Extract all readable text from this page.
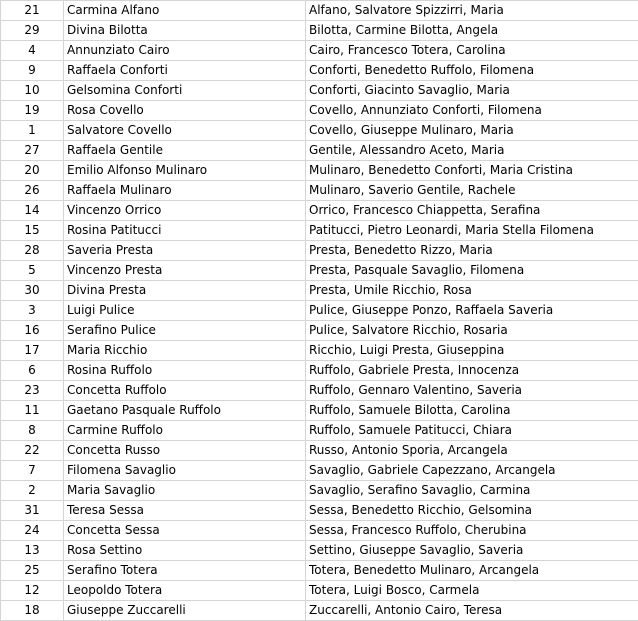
21	Carmina Alfano	Alfano, Salvatore Spizzirri, Maria
29	Divina Bilotta	Bilotta, Carmine Bilotta, Angela
4	Annunziato Cairo	Cairo, Francesco Totera, Carolina
9	Raffaela Conforti	Conforti, Benedetto Ruffolo, Filomena
10	Gelsomina Conforti	Conforti, Giacinto Savaglio, Maria
19	Rosa Covello	Covello, Annunziato Conforti, Filomena
1	Salvatore Covello	Covello, Giuseppe Mulinaro, Maria
27	Raffaela Gentile	Gentile, Alessandro Aceto, Maria
20	Emilio Alfonso Mulinaro	Mulinaro, Benedetto Conforti, Maria Cristina
26	Raffaela Mulinaro	Mulinaro, Saverio Gentile, Rachele
14	Vincenzo Orrico	Orrico, Francesco Chiappetta, Serafina
15	Rosina Patitucci	Patitucci, Pietro Leonardi, Maria Stella Filomena
28	Saveria Presta	Presta, Benedetto Rizzo, Maria
5	Vincenzo Presta	Presta, Pasquale Savaglio, Filomena
30	Divina Presta	Presta, Umile Ricchio, Rosa
3	Luigi Pulice	Pulice, Giuseppe Ponzo, Raffaela Saveria
16	Serafino Pulice	Pulice, Salvatore Ricchio, Rosaria
17	Maria Ricchio	Ricchio, Luigi Presta, Giuseppina
6	Rosina Ruffolo	Ruffolo, Gabriele Presta, Innocenza
23	Concetta Ruffolo	Ruffolo, Gennaro Valentino, Saveria
11	Gaetano Pasquale Ruffolo	Ruffolo, Samuele Bilotta, Carolina
8	Carmine Ruffolo	Ruffolo, Samuele Patitucci, Chiara
22	Concetta Russo	Russo, Antonio Sporia, Arcangela
7	Filomena Savaglio	Savaglio, Gabriele Capezzano, Arcangela
2	Maria Savaglio	Savaglio, Serafino Savaglio, Carmina
31	Teresa Sessa	Sessa, Benedetto Ricchio, Gelsomina
24	Concetta Sessa	Sessa, Francesco Ruffolo, Cherubina
13	Rosa Settino	Settino, Giuseppe Savaglio, Saveria
25	Serafino Totera	Totera, Benedetto Mulinaro, Arcangela
12	Leopoldo Totera	Totera, Luigi Bosco, Carmela
18	Giuseppe Zuccarelli	Zuccarelli, Antonio Cairo, Teresa
